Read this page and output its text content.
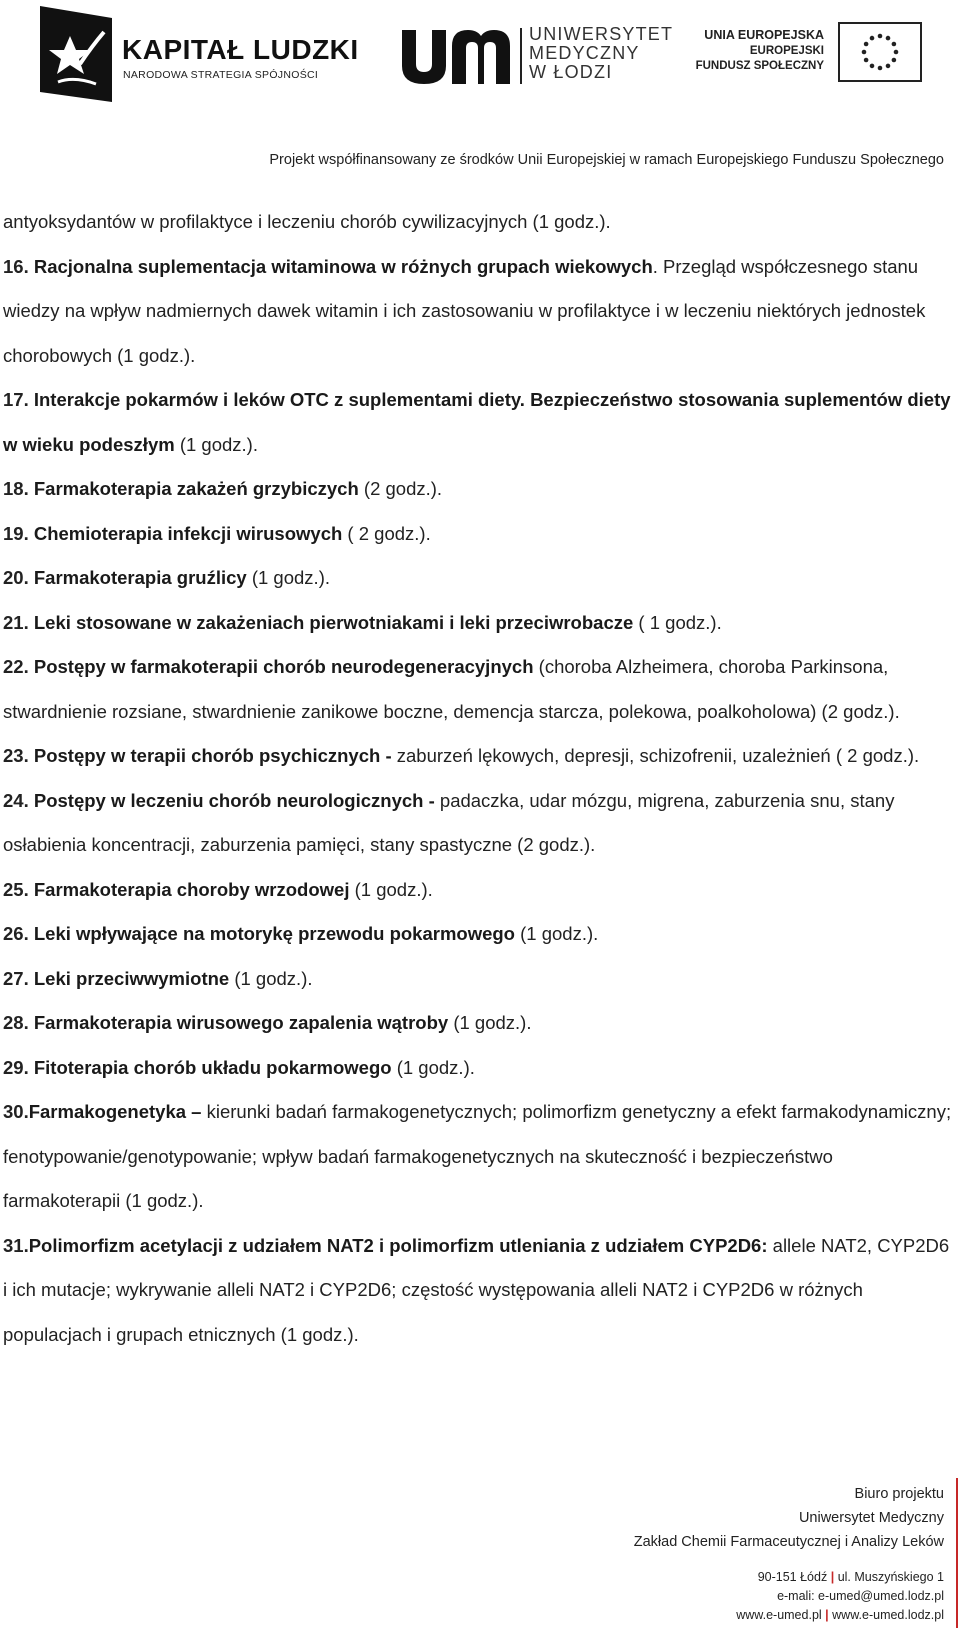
KAPITAŁ LUDZKI
NARODOWA STRATEGIA SPÓJNOŚCI
UNIWERSYTET
MEDYCZNY
W ŁODZI
UNIA EUROPEJSKA
EUROPEJSKI
FUNDUSZ SPOŁECZNY
Projekt współfinansowany ze środków Unii Europejskiej w ramach Europejskiego Funduszu Społecznego

antyoksydantów w profilaktyce i leczeniu chorób cywilizacyjnych (1 godz.).

16. Racjonalna suplementacja witaminowa w różnych grupach wiekowych. Przegląd współczesnego stanu wiedzy na wpływ nadmiernych dawek witamin i ich zastosowaniu w profilaktyce i w leczeniu niektórych jednostek chorobowych (1 godz.).

17. Interakcje pokarmów i leków OTC z suplementami diety. Bezpieczeństwo stosowania suplementów diety w wieku podeszłym (1 godz.).

18. Farmakoterapia zakażeń grzybiczych (2 godz.).

19. Chemioterapia infekcji wirusowych ( 2 godz.).

20. Farmakoterapia gruźlicy (1 godz.).

21. Leki stosowane w zakażeniach pierwotniakami i leki przeciwrobacze ( 1 godz.).

22. Postępy w farmakoterapii chorób neurodegeneracyjnych (choroba Alzheimera, choroba Parkinsona, stwardnienie rozsiane, stwardnienie zanikowe boczne, demencja starcza, polekowa, poalkoholowa) (2 godz.).

23. Postępy w terapii chorób psychicznych - zaburzeń lękowych, depresji, schizofrenii, uzależnień ( 2 godz.).

24. Postępy w leczeniu chorób neurologicznych - padaczka, udar mózgu, migrena, zaburzenia snu, stany osłabienia koncentracji, zaburzenia pamięci, stany spastyczne (2 godz.).

25. Farmakoterapia choroby wrzodowej (1 godz.).

26. Leki wpływające na motorykę przewodu pokarmowego (1 godz.).

27. Leki przeciwwymiotne (1 godz.).

28. Farmakoterapia wirusowego zapalenia wątroby (1 godz.).

29. Fitoterapia chorób układu pokarmowego (1 godz.).

30.Farmakogenetyka – kierunki badań farmakogenetycznych; polimorfizm genetyczny a efekt farmakodynamiczny; fenotypowanie/genotypowanie; wpływ badań farmakogenetycznych na skuteczność i bezpieczeństwo farmakoterapii (1 godz.).

31.Polimorfizm acetylacji z udziałem NAT2 i polimorfizm utleniania z udziałem CYP2D6: allele NAT2, CYP2D6 i ich mutacje; wykrywanie alleli NAT2 i CYP2D6; częstość występowania alleli NAT2 i CYP2D6 w różnych populacjach i grupach etnicznych (1 godz.).

Biuro projektu
Uniwersytet Medyczny
Zakład Chemii Farmaceutycznej i Analizy Leków
90-151 Łódź | ul. Muszyńskiego 1
e-mali: e-umed@umed.lodz.pl
www.e-umed.pl | www.e-umed.lodz.pl
